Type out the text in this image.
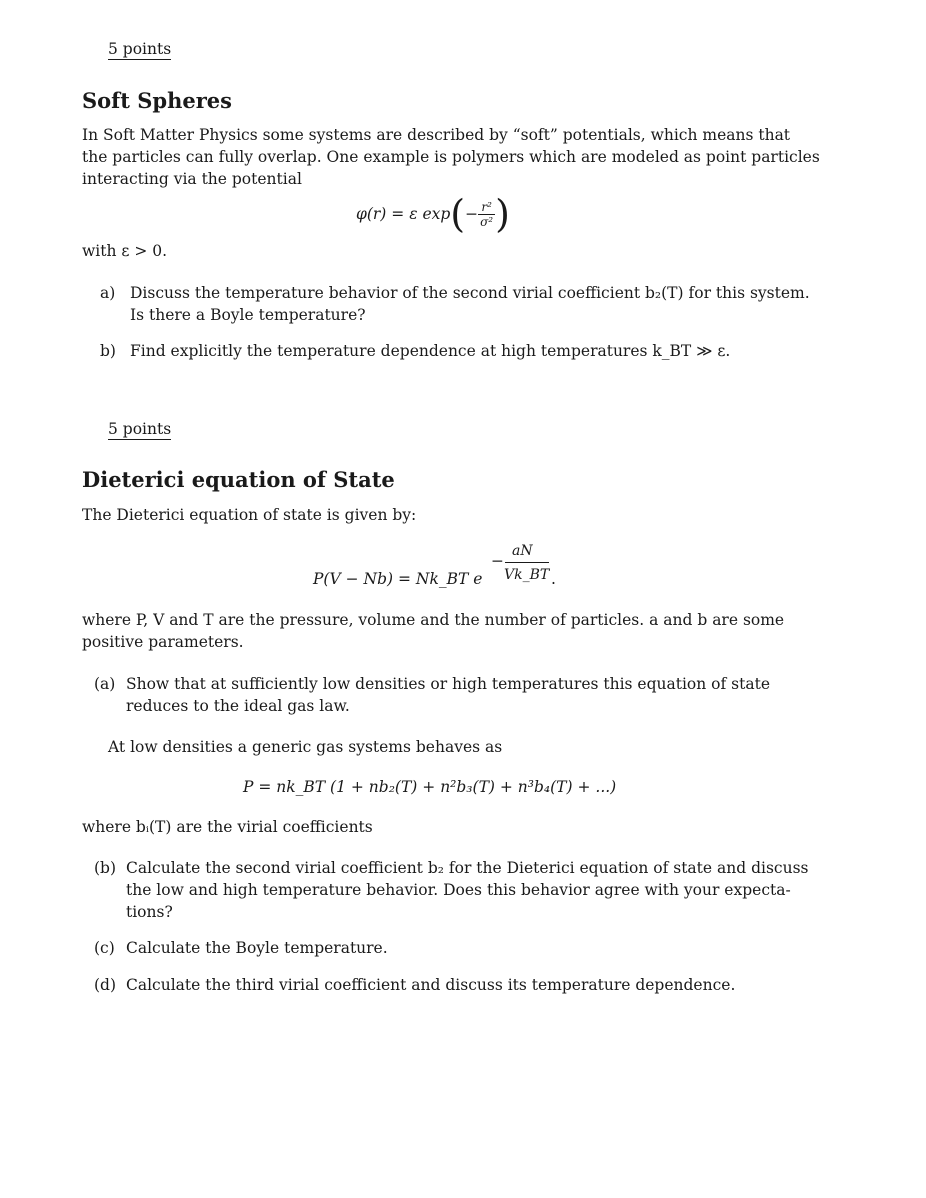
5 points
Soft Spheres
In Soft Matter Physics some systems are described by “soft” potentials, which means that
the particles can fully overlap. One example is polymers which are modeled as point particles
interacting via the potential
φ(r) = ε exp ( − $\frac{\text{r²}}{\text{σ²}}$ )
with ε > 0.
a) Discuss the temperature behavior of the second virial coefficient b₂(T) for this system.
Is there a Boyle temperature?
b) Find explicitly the temperature dependence at high temperatures k_BT ≫ ε.
5 points
Dieterici equation of State
The Dieterici equation of state is given by:
P(V − Nb) = Nk_BT e
−
aN
Vk_BT .
where P, V and T are the pressure, volume and the number of particles. a and b are some
positive parameters.
(a) Show that at sufficiently low densities or high temperatures this equation of state
reduces to the ideal gas law.
At low densities a generic gas systems behaves as
P = nk_BT (1 + nb₂(T) + n²b₃(T) + n³b₄(T) + ...)
where bᵢ(T) are the virial coefficients
(b) Calculate the second virial coefficient b₂ for the Dieterici equation of state and discuss
the low and high temperature behavior. Does this behavior agree with your expecta-
tions?
(c) Calculate the Boyle temperature.
(d) Calculate the third virial coefficient and discuss its temperature dependence.
